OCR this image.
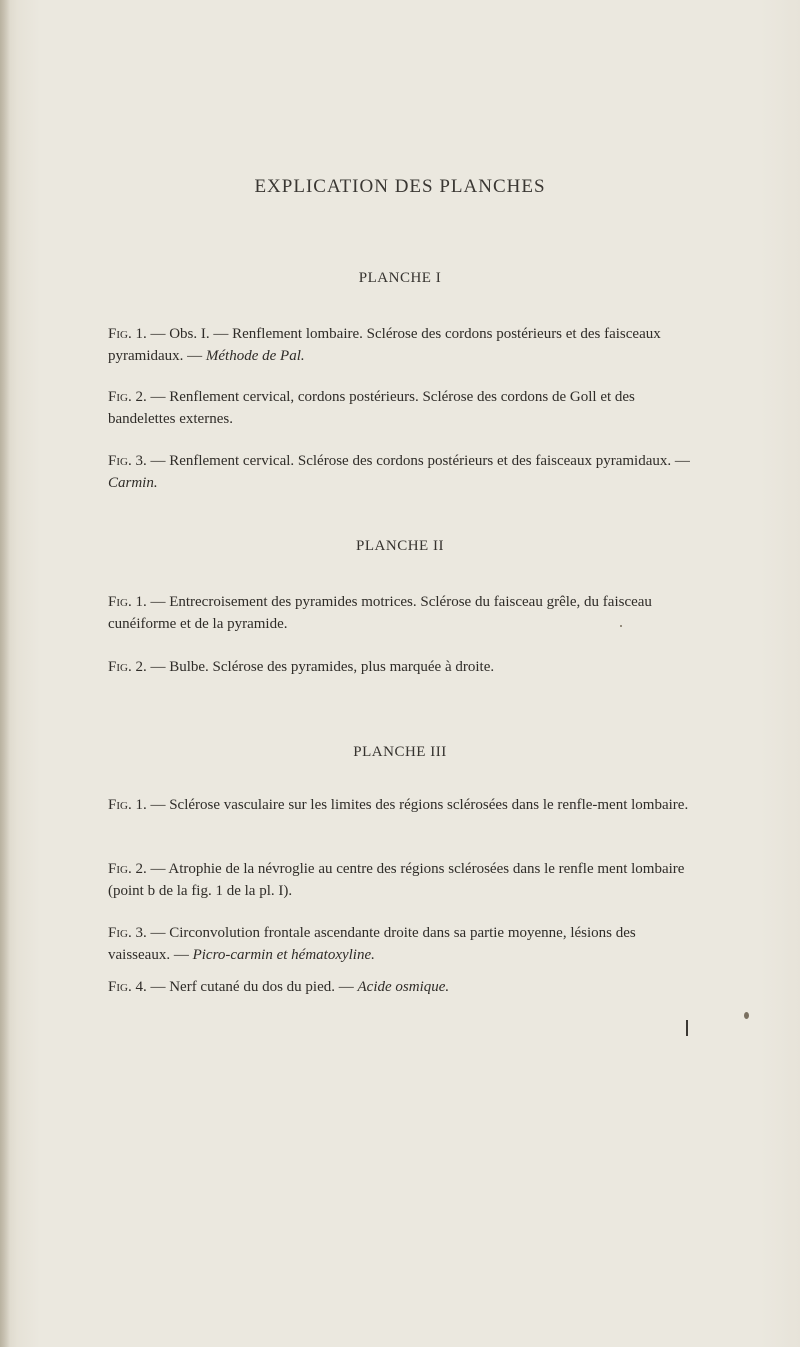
EXPLICATION DES PLANCHES
PLANCHE I
Fig. 1. — Obs. I. — Renflement lombaire. Sclérose des cordons postérieurs et des faisceaux pyramidaux. — Méthode de Pal.
Fig. 2. — Renflement cervical, cordons postérieurs. Sclérose des cordons de Goll et des bandelettes externes.
Fig. 3. — Renflement cervical. Sclérose des cordons postérieurs et des faisceaux pyramidaux. — Carmin.
PLANCHE II
Fig. 1. — Entrecroisement des pyramides motrices. Sclérose du faisceau grêle, du faisceau cunéiforme et de la pyramide.
Fig. 2. — Bulbe. Sclérose des pyramides, plus marquée à droite.
PLANCHE III
Fig. 1. — Sclérose vasculaire sur les limites des régions sclérosées dans le renfle-ment lombaire.
Fig. 2. — Atrophie de la névroglie au centre des régions sclérosées dans le renfle ment lombaire (point b de la fig. 1 de la pl. I).
Fig. 3. — Circonvolution frontale ascendante droite dans sa partie moyenne, lésions des vaisseaux. — Picro-carmin et hématoxyline.
Fig. 4. — Nerf cutané du dos du pied. — Acide osmique.
